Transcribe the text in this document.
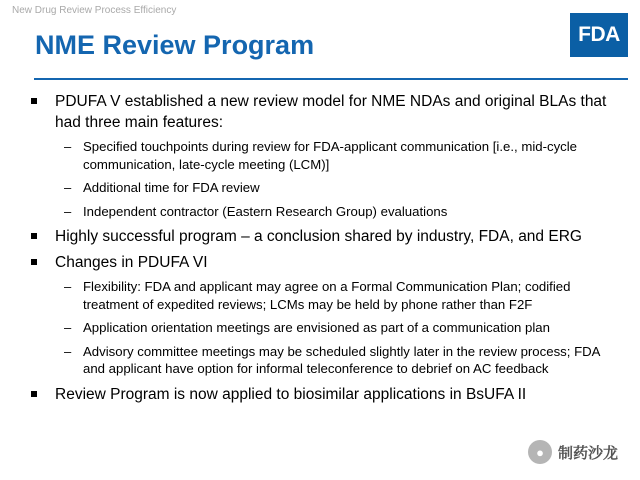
New Drug Review Process Efficiency
FDA
NME Review Program
PDUFA V established a new review model for NME NDAs and original BLAs that had three main features:
– Specified touchpoints during review for FDA-applicant communication [i.e., mid-cycle communication, late-cycle meeting (LCM)]
– Additional time for FDA review
– Independent contractor (Eastern Research Group) evaluations
Highly successful program – a conclusion shared by industry, FDA, and ERG
Changes in PDUFA VI
– Flexibility: FDA and applicant may agree on a Formal Communication Plan; codified treatment of expedited reviews; LCMs may be held by phone rather than F2F
– Application orientation meetings are envisioned as part of a communication plan
– Advisory committee meetings may be scheduled slightly later in the review process; FDA and applicant have option for informal teleconference to debrief on AC feedback
Review Program is now applied to biosimilar applications in BsUFA II
● 制药沙龙
